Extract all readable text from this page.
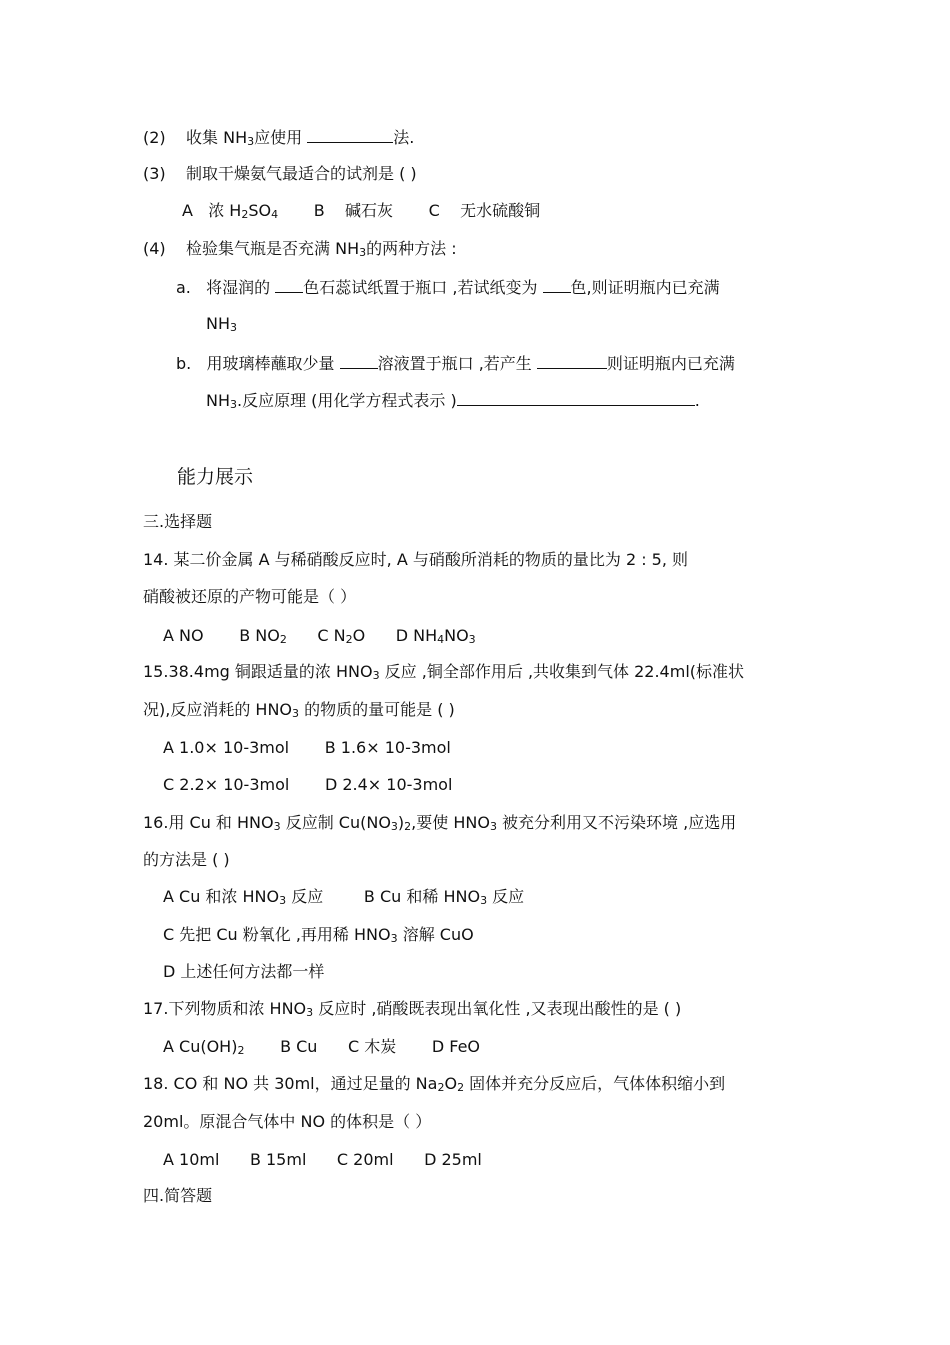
(2) 收集 $NH_3$应使用	法.
(3) 制取干燥氨气最适合的试剂是 ( )
A 浓 $H_2SO_4$ B 碱石灰 C 无水硫酸铜
(4) 检验集气瓶是否充满 $NH_3$的两种方法 :
a. 将湿润的 色石蕊试纸置于瓶口 ,若试纸变为 色,则证明瓶内已充满
$NH_3$
b. 用玻璃棒蘸取少量	溶液置于瓶口 ,若产生	则证明瓶内已充满
$NH_3$.反应原理 (用化学方程式表示 )	.
能力展示
三.选择题
14. 某二价金属 A 与稀硝酸反应时, A 与硝酸所消耗的物质的量比为 2 : 5, 则
硝酸被还原的产物可能是（ ）
A NO B $NO_2$ C $N_2O$ D $NH_4NO_3$
15.38.4mg 铜跟适量的浓 $HNO_3$ 反应 ,铜全部作用后 ,共收集到气体 22.4ml(标准状
况),反应消耗的 $HNO_3$ 的物质的量可能是 ( )
A 1.0× 10-3mol B 1.6× 10-3mol
C 2.2× 10-3mol D 2.4× 10-3mol
16.用 Cu 和 $HNO_3$ 反应制 $Cu(NO_3)_2$,要使 $HNO_3$ 被充分利用又不污染环境 ,应选用
的方法是 ( )
A Cu 和浓 $HNO_3$ 反应	B Cu 和稀 $HNO_3$ 反应
C 先把 Cu 粉氧化 ,再用稀 $HNO_3$ 溶解 CuO
D 上述任何方法都一样
17.下列物质和浓 $HNO_3$ 反应时 ,硝酸既表现出氧化性 ,又表现出酸性的是 ( )
A $Cu(OH)_2$ B Cu C 木炭 D FeO
18. CO 和 NO 共 30ml，通过足量的 $Na_2O_2$ 固体并充分反应后，气体体积缩小到
20ml。原混合气体中 NO 的体积是（ ）
A 10ml B 15ml C 20ml D 25ml
四.简答题
